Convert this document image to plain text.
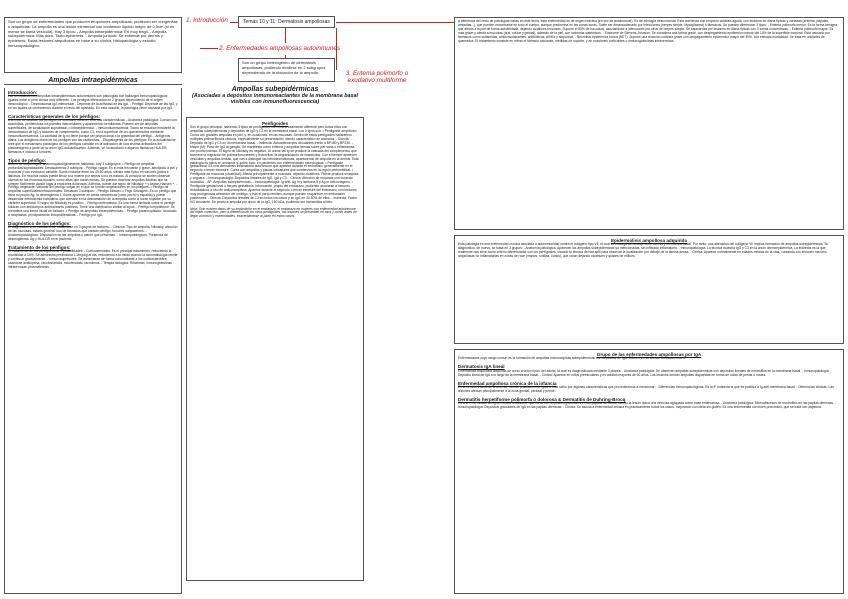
Temas 10 y 11: Dermatosis ampollosas
1. Introducción
2. Enfermedades ampollosas autoinmunes
3. Eritema polimorfo o exudativo multiforme
Son un grupo de enfermedades que producen erupciones ampollosas, pudiendo ser congénitas o adquiridas. La ampolla es una lesión elemental con contenido líquido mayor de 0,5cm (si es menor se llama vesícula). Hay 3 tipos: - Ampolla intraepidérmica: En muy frágil. - Ampolla subepidérmica: Más dura. Tacto-epidermis. - Ampolla juntural: Se extiende por dermis y epidermis. Estas lesiones ampollosas en base a su clínica, histopatología y estudio inmunopatológico.
Ampollas intraepidérmicas
Introducción:
Los dermatosis con ampollas intraepidérmicas autoinmunes son patologías con hallazgos inmunopatológicos iguales entre sí pero clínica muy diferente. Los pénfigos diferencian en 2 grupos dependiendo de si origen inmunológico: - Desmosomas IgA intercelular - Depende de la actividad de las IgA. - Pénfigo: Depende de las IgG, y en los cuales se centraremos durante el resto del apartado. En esta ocasión, la patología viene causada por IgG.
Características generales de los pénfigos:
A la hora de analizar los pénfigos es necesario conocer 4 de sus características: - Anatomía patológica: Cursan con acantólisis, perdiéndose los puentes intercelulares y apareciendo hendiduras. Pueden ser de ampollas superficiales, de localización suprabasal, o intraepidérmica. - Inmunofluorescencia: Todos se estudian mediante la demostración de IgG y factores de complemento, como C3, en la superficie de los queratinocitos mediante inmunofluorescencia. La cantidad de Ig no tiene porqué ser proporcional a la gravedad del pénfigo. - Antígenos diana: Los antígenos diana de los pénfigos son las cadherinas. - Etiopatogenia de los pénfigos: En la actualidad se cree que el mecanismo patológico de los pénfigos consiste en la activación de una enzima activadora del plasminógeno a partir de la unión IgG-autoanticuerpo. Además, se ha asociado a algunos fármacos HLA-DR, fármacos e incluso a tumores.
Tipos de pénfigo:
Dentro de los pénfigos, anatomopatológicamente hablando, hay 3 subgrupos: • Pénfigo de ampollas profundas/suprabasales: Destacaremos 2 subtipos: - Pénfigo vulgar: Es el más frecuente y grave, afectando a piel y mucosas y con evolución variable. Suele iniciarse entre los 40-60 años, siendo más típico en varones judíos e italianos. En muchos casos puede llevar a la muerte por sepsis si no es tratado. Al principio se suelen observar úlceras en las mucosas bucales, como aftas que duran meses. Se pueden observar ampollas flácidas que se rompen fácilmente dando lugar a erosiones dolorosas. Además, puede dar signo de Nikolsky + y Asboe-Hansen +. - Pénfigo vegetante: Variante del pénfigo vulgar en el que se forman vegetaciones en los pliegues. • Pénfigo de ampollas superficiales/infracorneales: Destacan 3 subtipos: - Pénfigo foliáceo ó Fogo Selvagem: Es un pénfigo que tiene su propio Ag, la desmogleína 1. Suele aparecer en áreas seborreicas (cara, pecho y espalda) y puede desarrollar eritrodermia exfoliativa, que consiste en la descamación de la ampolla como si fuese hojaldre por su carácter superficial. El signo de Nikolsky es positivo. - Pénfigo eritematoso: Es una forma limitada sobre el pénfigo foliáceo con anticuerpos antinucleares positivos. Tiene una distribución similar al lupus. - Pénfigo herpetiforme: Se considera una forma inicial de foliáceo. • Pénfigo de ampollas intraepidérmicas: - Pénfigo paraneoplásico: Asociado a neoplasias, principalmente linfoproliferativas. - Pénfigo por IgA.
Diagnóstico de los pénfigos:
El diagnóstico será multifactorial, basándose en 3 grupos de factores: - Clínicos: Tipo de ampolla, Nikolsky, afección de las mucosas, estado general, uso de fármacos que causan pénfigo, tumores subyacentes. - Anatomopatológicos: Disposición de las ampollas y patrón que presentan. - Inmunopatológicos: Presencia de desmogleínas, Ag y HLA-DR en el paciente.
Tratamiento de los pénfigos:
El tratamiento de los pénfigos tiene 3 posibilidades: - Corticosteroides: Es el principal tratamiento, reduciendo la mortalidad a 10%. Se administra prednisona 1-2mg/kg al día, reduciendo a la mitad cuando la sintomatología remite y continuar gradualmente. - Inmunosupresores: Se administran de forma concomitante a los corticosteroides, usándose azatioprina, ciclofosfamida, micofenolato, tacrolimus. - Terapia biológica: Rituximab, inmunoglobulinas intravenosas, plasmaféresis.
Son un grupo heterogéneo de dermatosis ampollosas, pudiendo dividirse en 2 subgrupos dependiendo de la ubicación de la ampolla.
Ampollas subepidérmicas
(Asociadas a depósitos inmunoreactantes de la membrana basal visibles con inmunofluorescencia)
Penfigoides
Son el grupo principal, habiendo 3 tipos de penfigoides con clínica totalmente diferente pero todos ellos con ampollas subepidérmicas y depósitos de IgG y C3 en la membrana basal. Los 3 tipos son: • Penfigoide ampolloso: Cursa con grandes ampollas en piel, y, en ocasiones, en las mucosas. Dentro de estos penfigoides hallaremos múltiples polimorfismos clínicos, especialmente su presentación, siendo característico de ancianos. - Directa: Depósito de IgG y C3 en la membrana basal. - Indirecta: Autoanticuerpos circulantes frente a BP180 y BP230. - Mayor (M): Paso de IgG al ganglio. Se manifiesta como eritema y ampollas tensas sobre piel sana o eritematosa, con prurito intenso. El signo de Nikolsky es negativo. Al unirse las Ig se produce la cascada del complemento, que favorece la migración de polimorfonucleares y leucocitos, la degranulación de mastocitos. Con el tiempo aparecen vesículas y ampollas tensas, que van a distinguir las hemidesmosomas, apareciendo de ampolla en la dermis. Esta patología es típica en ancianos y, sobre todo, en pacientes con enfermedades neurológicas. • Penfigoide gestacional: Es una dermatosis inflamatoria autoinmune que aparece durante el embarazo, generalmente en el segundo o tercer trimestre. Cursa con ampollas y placas urticariales que comienzan en la región periumbilical. • Penfigoide de mucosas (cicatricial): Afecta principalmente a mucosas, dejando cicatrices. Puede producir sinequias y ceguera. - Inmunopatología: Depósitos lineales de IgG, IgA y C3. - Clínica: Afección de mucosas con curación cicatricial. - AP: Ampollas subepidérmicas. - Inmunopatología: Ig anti- Ag m y laminina 5 y Ag m anti-colágeno. • Penfigoide gestacional o herpes gestationis: Infrecuente, propio del embarazo, pudiendo asociarse a tumores trofoblásticos o uso de anticonceptivos. Aparece durante el segundo o tercer trimestre del embarazo, con lesiones muy pruriginosas alrededor del ombligo, y tras el parto remiten, aunque pueden reaparecer en embarazos posteriores. - Directa: Depósitos lineales de C3 en todos los casos y en IgG en 30-50% de ellos. - Indirecta: Factor HG circulante. Se produce ampolla por unión de la IgG, 180 kDa, pudiendo ser transmitida al feto.
Nota: Solo existen datos de su implicación en el embarazo, el embarazo en mujeres con enfermedad autoinmune del tejido conectivo, pero a diferencia de los otros penfigoides, las lesiones se presentan en cara y cuello antes de llegar al tronco y extremidades, exacerbándose al parto en estos casos.
A diferencia del resto de patologías vistas en este tema, esta enfermedad es de origen reactivo (en vez de autoinmune). Es de etiología desconocida. Esta comienza con erupción cutánea aguda, con lesiones en diana típicas y variadas (eritema, pápulas, ampollas...), que pueden encontrarse en todo el cuerpo, aunque predomina en las zonas acras. Suele ser desencadenado por infecciones (herpes simple, Mycoplasma) o fármacos. Se pueden diferenciar 3 tipos: - Eritema polimorfo menor: Es la forma benigna, que afecta a la piel de forma autolimitada, dejando cicatrices mucosas. Supone el 80% de los casos, asociándose a infecciones por virus de herpes simple. Se caracteriza por lesiones en diana típicas con 3 zonas concéntricas. - Eritema polimorfo mayor: Es más grave y afecta a mucosas (oral, ocular y genital), además de la piel, con síntomas sistémicos. - Síndrome de Stevens-Johnson: Se considera una forma grave, con despegamiento epidérmico menor del 10% de la superficie corporal. Está causado por fármacos como sulfamidas, anticonvulsivantes, antibióticos, AINEs y alopurinol. - Necrólisis epidérmica tóxica (NET): Supone una reacción cutánea grave con despegamiento epidérmico mayor del 30%, con elevada mortalidad. Se trata en unidades de quemados. El tratamiento consiste en retirar el fármaco causante, medidas de soporte, y en ocasiones corticoides o inmunoglobulinas intravenosas.
Epidermolisis ampollosa adquirida
Esta patología es una enfermedad crónica asociada a autoinmunidad contra el colágeno tipo VII, el cual se encarga del anclaje entre dermis y membrana basal. Por tanto, una alteración del colágeno VII implica formación de ampollas subepidérmicas. Su diagnóstico, de nuevo, se basa en 3 grupos: - Anatomía patológica: Aparecen las ampollas subepidérmicas ya mencionadas, sin infiltrado inflamatorio. - Inmunopatología: La técnica muestra IgG y C3 en la unión dermoepidérmica. La indirecta es la que realmente nos sirve como criterio diferenciador con los penfigoides, usando la técnica del sal-split para observar la localización por debajo de la lámina densa. - Clínica: Aparece normalmente en edades medias de la vida, cursando con lesiones mecano-ampollosas no inflamatorias en zonas de roce (manos, rodillas, codos), que curan dejando cicatrices y quistes de millium.
Grupo de las enfermedades ampollosas por IgA
Enfermedades cuyo rasgo común es la formación de ampollas microscópicas subepidérmicas con depósitos de IgA. Difieren en su clínica. Destacaremos 3:
Dermatosis IgA lineal
Enfermedad ampollosa adquirida de curso crónico típico del adulto, la cual es diagnosticada mediante 3 pilares: - Anatomía patológica: Se observan ampollas subepidérmicas con depósitos lineales de neutrófilos en la membrana basal. - Inmunopatología: Depósito lineal de IgA a lo largo de la membrana basal. - Clínica: Aparece en niños preescolares y en adultos mayores de 60 años. Las lesiones forman ampollas dispuestas en forma de collar de perlas o roseta.
Enfermedad ampollosa crónica de la infancia
Es la versión infantil de la anterior, siendo prácticamente igual a ésta salvo por algunas características que procederemos a mencionar: - Diferencias inmunopatológicas: Es la IF indirecta la que es positiva a Ig anti-membrana basal. - Diferencias clínicas: Las lesiones afectan principalmente a la zona genital, perioral y periné.
Dermatitis herpetiforme polimorfa o dolorosa & Dermatitis de Duhring-Brocq
Es una enfermedad benigna crónica recidivante que cursa con depósitos granulares en las papilas dérmicas, siendo la lesión típica una vesícula agrupada sobre base eritematosa. - Anatomía patológica: Microabscesos de neutrófilos en las papilas dérmicas. - Inmunopatología: Depósitos granulares de IgA en las papilas dérmicas. - Clínica: Se asocia a enfermedad celíaca en prácticamente todos los casos, mejorando con dieta sin gluten. Es una enfermedad con buen pronóstico, que se trata con dapsona.
